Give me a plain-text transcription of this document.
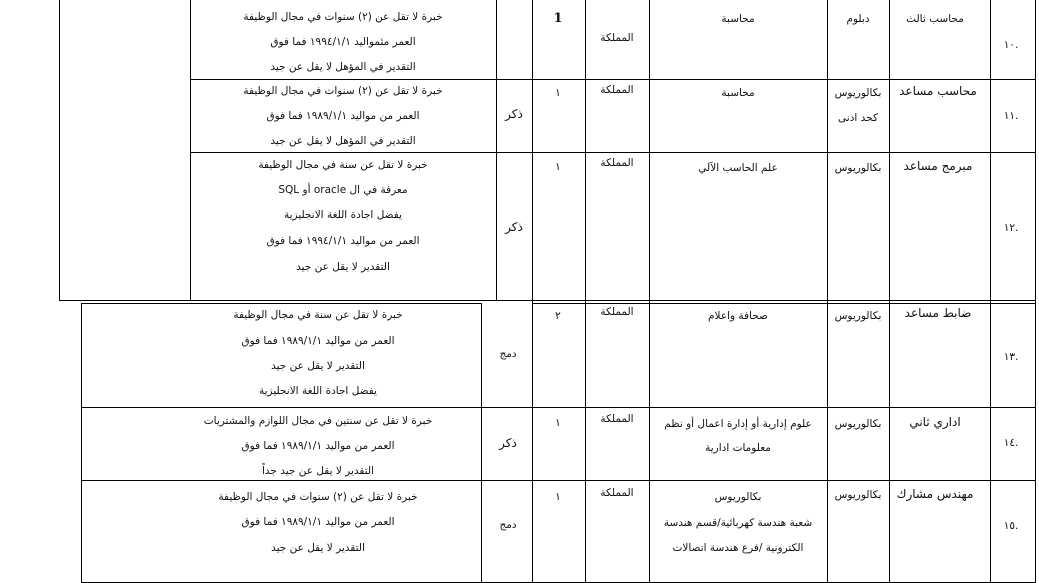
.١٠
محاسب ثالث
دبلوم
محاسبة
المملكة
1
خبرة لا تقل عن (٢) سنوات في مجال الوظيفة
العمر مئمواليد ١٩٩٤/١/١ فما فوق
التقدير في المؤهل لا يقل عن جيد
.١١
محاسب مساعد
بكالوريوس
كحد ادنى
محاسبة
المملكة
١
ذكر
خبرة لا تقل عن (٢) سنوات في مجال الوظيفة
العمر من مواليد ١٩٨٩/١/١ فما فوق
التقدير في المؤهل لا يقل عن جيد
.١٢
مبرمج مساعد
بكالوريوس
علم الحاسب الآلي
المملكة
١
ذكر
خبرة لا تقل عن سنة في مجال الوظيفة
معرفة في ال oracle أو SQL
يفضل اجادة اللغة الانجليزية
العمر من مواليد ١٩٩٤/١/١ فما فوق
التقدير لا يقل عن جيد
.١٣
ضابط مساعد
بكالوريوس
صحافة واعلام
المملكة
٢
دمج
خبرة لا تقل عن سنة في مجال الوظيفة
العمر من مواليد ١٩٨٩/١/١ فما فوق
التقدير لا يقل عن جيد
يفضل اجادة اللغة الانجليزية
.١٤
اداري ثاني
بكالوريوس
علوم إدارية أو إدارة اعمال أو نظم
معلومات ادارية
المملكة
١
ذكر
خبرة لا تقل عن سنتين في مجال اللوازم والمشتريات
العمر من مواليد ١٩٨٩/١/١ فما فوق
التقدير لا يقل عن جيد جداً
.١٥
مهندس مشارك
بكالوريوس
بكالوريوس
شعبة هندسة كهربائية/قسم هندسة
الكترونية /فرع هندسة اتصالات
المملكة
١
دمج
خبرة لا تقل عن (٢) سنوات في مجال الوظيفة
العمر من مواليد ١٩٨٩/١/١ فما فوق
التقدير لا يقل عن جيد
